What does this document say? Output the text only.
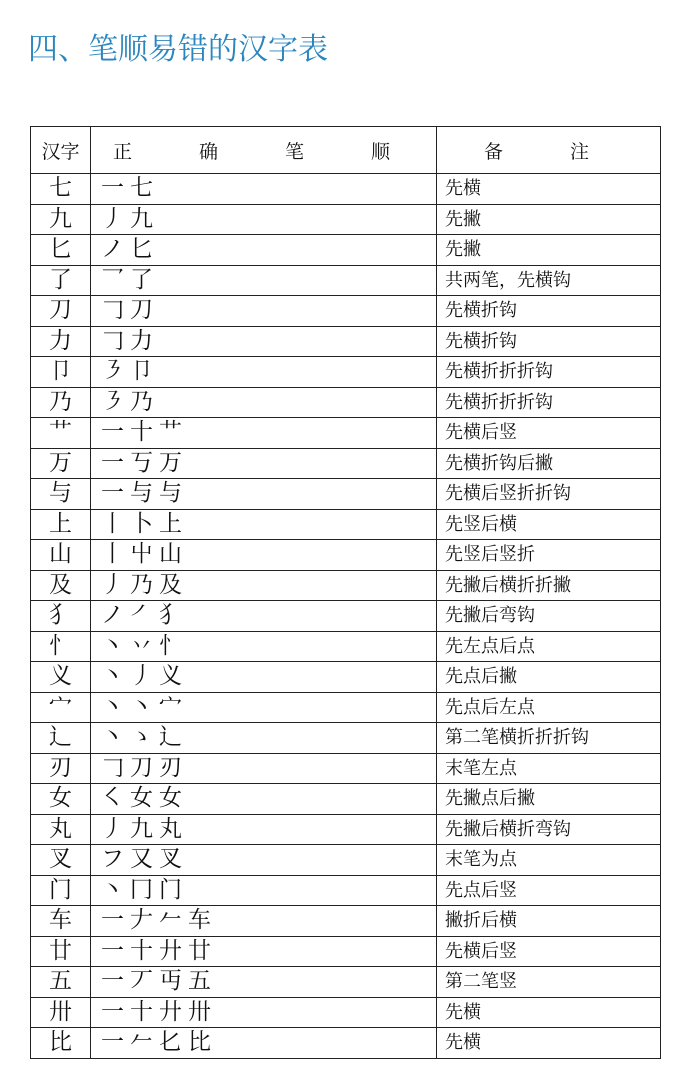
四、笔顺易错的汉字表
汉字	正　确　笔　顺	备　注
七	一七	先横
九	丿九	先撇
匕	ノ匕	先撇
了	乛了	共两笔，先横钩
刀	𠃌刀	先横折钩
力	𠃌力	先横折钩
卩	㇋卩	先横折折折钩
乃	㇋乃	先横折折折钩
艹	一十艹	先横后竖
万	一丂万	先横折钩后撇
与	一与与	先横后竖折折钩
上	丨卜上	先竖后横
山	丨屮山	先竖后竖折
及	丿乃及	先撇后横折折撇
犭	ノ㇒犭	先撇后弯钩
忄	丶丷忄	先左点后点
义	丶丿义	先点后撇
宀	丶丶宀	先点后左点
辶	丶ゝ辶	第二笔横折折折钩
刃	𠃌刀刃	末笔左点
女	㇛女女	先撇点后撇
丸	丿九丸	先撇后横折弯钩
叉	フ又叉	末笔为点
门	丶冂门	先点后竖
车	一𠂇𠂉车	撇折后横
廿	一十廾廿	先横后竖
五	一丆丏五	第二笔竖
卅	一十廾卅	先横
比	一𠂉𠤎比	先横
